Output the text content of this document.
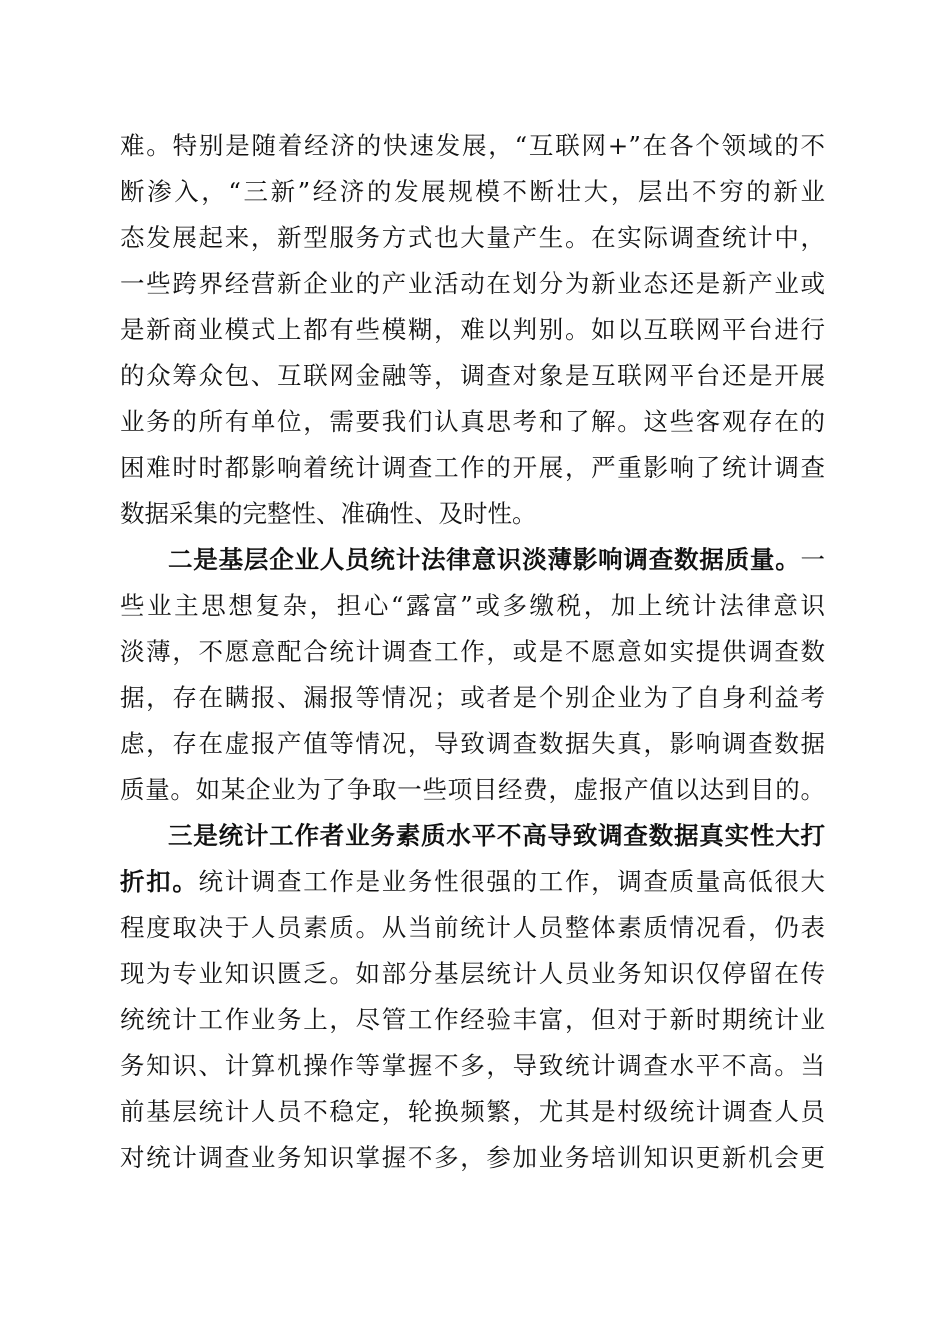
难。特别是随着经济的快速发展，“互联网+”在各个领域的不
断渗入，“三新”经济的发展规模不断壮大，层出不穷的新业
态发展起来，新型服务方式也大量产生。在实际调查统计中，
一些跨界经营新企业的产业活动在划分为新业态还是新产业或
是新商业模式上都有些模糊，难以判别。如以互联网平台进行
的众筹众包、互联网金融等，调查对象是互联网平台还是开展
业务的所有单位，需要我们认真思考和了解。这些客观存在的
困难时时都影响着统计调查工作的开展，严重影响了统计调查
数据采集的完整性、准确性、及时性。
二是基层企业人员统计法律意识淡薄影响调查数据质量。一
些业主思想复杂，担心“露富”或多缴税，加上统计法律意识
淡薄，不愿意配合统计调查工作，或是不愿意如实提供调查数
据，存在瞒报、漏报等情况；或者是个别企业为了自身利益考
虑，存在虚报产值等情况，导致调查数据失真，影响调查数据
质量。如某企业为了争取一些项目经费，虚报产值以达到目的。
三是统计工作者业务素质水平不高导致调查数据真实性大打
折扣。统计调查工作是业务性很强的工作，调查质量高低很大
程度取决于人员素质。从当前统计人员整体素质情况看，仍表
现为专业知识匮乏。如部分基层统计人员业务知识仅停留在传
统统计工作业务上，尽管工作经验丰富，但对于新时期统计业
务知识、计算机操作等掌握不多，导致统计调查水平不高。当
前基层统计人员不稳定，轮换频繁，尤其是村级统计调查人员
对统计调查业务知识掌握不多，参加业务培训知识更新机会更
